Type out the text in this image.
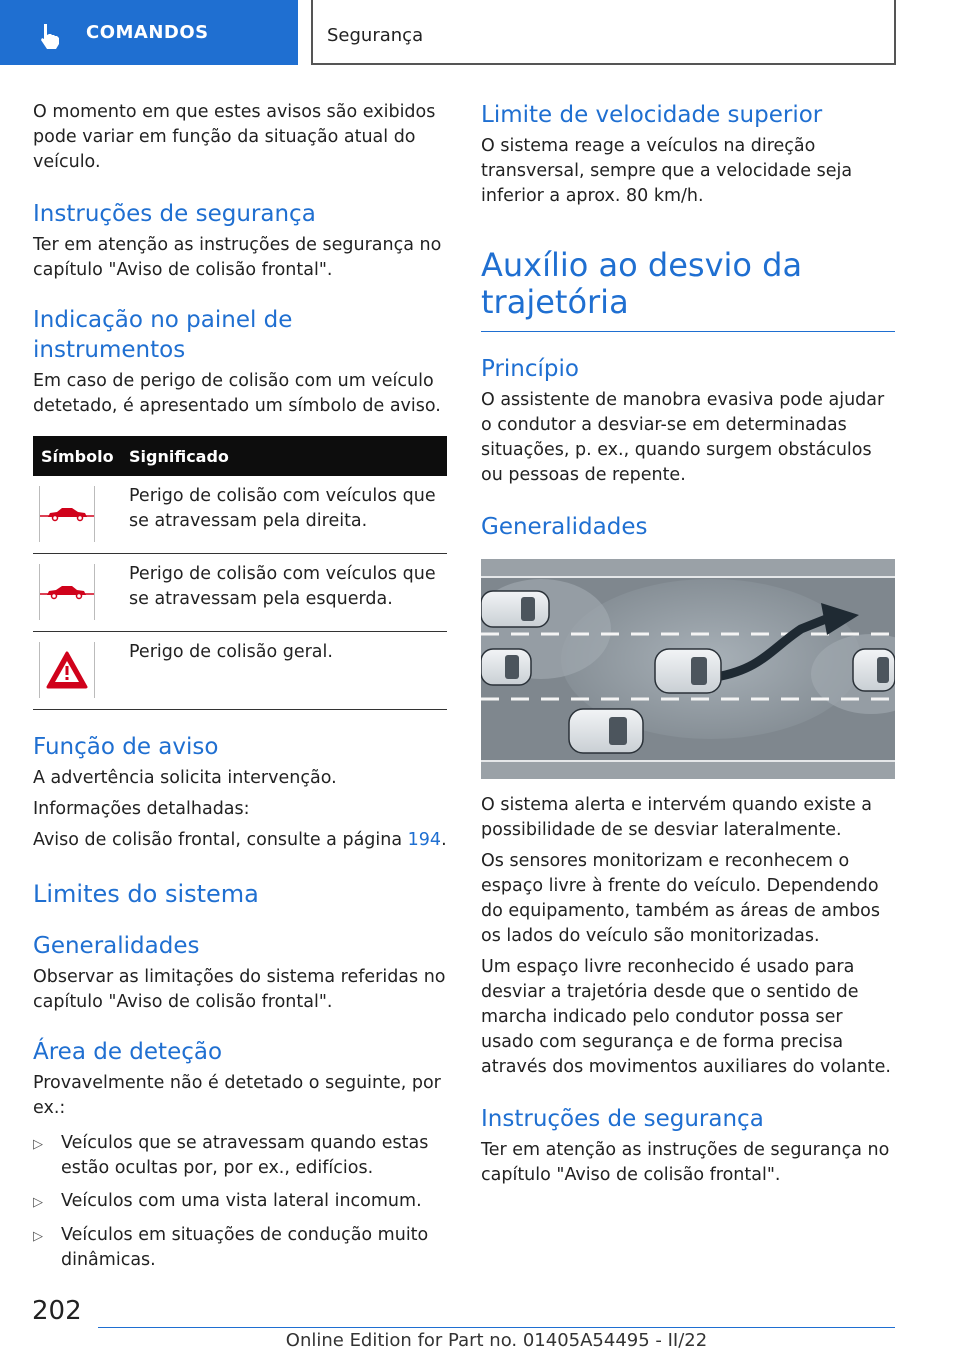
COMANDOS	Segurança

O momento em que estes avisos são exibidos pode variar em função da situação atual do veículo.

Instruções de segurança

Ter em atenção as instruções de segurança no capítulo "Aviso de colisão frontal".

Indicação no painel de instrumentos

Em caso de perigo de colisão com um veículo detetado, é apresentado um símbolo de aviso.

Símbolo Significado
Perigo de colisão com veículos que se atravessam pela direita.
Perigo de colisão com veículos que se atravessam pela esquerda.
Perigo de colisão geral.
Função de aviso

A advertência solicita intervenção.

Informações detalhadas:

Aviso de colisão frontal, consulte a página 194.

Limites do sistema
Generalidades

Observar as limitações do sistema referidas no capítulo "Aviso de colisão frontal".

Área de deteção

Provavelmente não é detetado o seguinte, por ex.:

▷	Veículos que se atravessam quando estas estão ocultas por, por ex., edifícios.
▷	Veículos com uma vista lateral incomum.
▷	Veículos em situações de condução muito dinâmicas.
Limite de velocidade superior

O sistema reage a veículos na direção transversal, sempre que a velocidade seja inferior a aprox. 80 km/h.

Auxílio ao desvio da trajetória
Princípio

O assistente de manobra evasiva pode ajudar o condutor a desviar-se em determinadas situações, p. ex., quando surgem obstáculos ou pessoas de repente.

Generalidades

O sistema alerta e intervém quando existe a possibilidade de se desviar lateralmente.

Os sensores monitorizam e reconhecem o espaço livre à frente do veículo. Dependendo do equipamento, também as áreas de ambos os lados do veículo são monitorizadas.

Um espaço livre reconhecido é usado para desviar a trajetória desde que o sentido de marcha indicado pelo condutor possa ser usado com segurança e de forma precisa através dos movimentos auxiliares do volante.

Instruções de segurança

Ter em atenção as instruções de segurança no capítulo "Aviso de colisão frontal".

202
Online Edition for Part no. 01405A54495 - II/22
